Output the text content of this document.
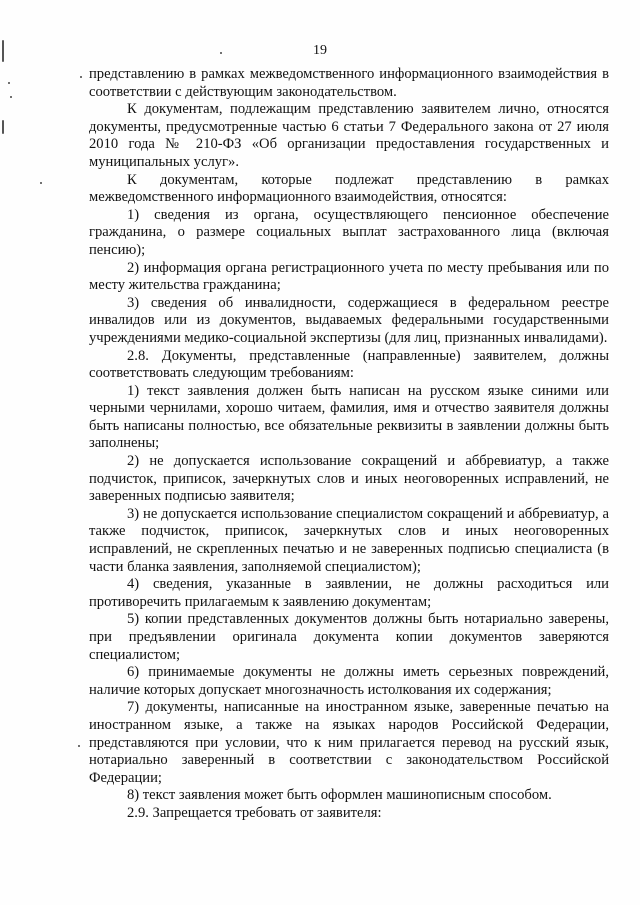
19

представлению в рамках межведомственного информационного взаимодействия в соответствии с действующим законодательством.

К документам, подлежащим представлению заявителем лично, относятся документы, предусмотренные частью 6 статьи 7 Федерального закона от 27 июля 2010 года № 210-ФЗ «Об организации предоставления государственных и муниципальных услуг».

К документам, которые подлежат представлению в рамках межведомственного информационного взаимодействия, относятся:

1) сведения из органа, осуществляющего пенсионное обеспечение гражданина, о размере социальных выплат застрахованного лица (включая пенсию);

2) информация органа регистрационного учета по месту пребывания или по месту жительства гражданина;

3) сведения об инвалидности, содержащиеся в федеральном реестре инвалидов или из документов, выдаваемых федеральными государственными учреждениями медико-социальной экспертизы (для лиц, признанных инвалидами).

2.8. Документы, представленные (направленные) заявителем, должны соответствовать следующим требованиям:

1) текст заявления должен быть написан на русском языке синими или черными чернилами, хорошо читаем, фамилия, имя и отчество заявителя должны быть написаны полностью, все обязательные реквизиты в заявлении должны быть заполнены;

2) не допускается использование сокращений и аббревиатур, а также подчисток, приписок, зачеркнутых слов и иных неоговоренных исправлений, не заверенных подписью заявителя;

3) не допускается использование специалистом сокращений и аббревиатур, а также подчисток, приписок, зачеркнутых слов и иных неоговоренных исправлений, не скрепленных печатью и не заверенных подписью специалиста (в части бланка заявления, заполняемой специалистом);

4) сведения, указанные в заявлении, не должны расходиться или противоречить прилагаемым к заявлению документам;

5) копии представленных документов должны быть нотариально заверены, при предъявлении оригинала документа копии документов заверяются специалистом;

6) принимаемые документы не должны иметь серьезных повреждений, наличие которых допускает многозначность истолкования их содержания;

7) документы, написанные на иностранном языке, заверенные печатью на иностранном языке, а также на языках народов Российской Федерации, представляются при условии, что к ним прилагается перевод на русский язык, нотариально заверенный в соответствии с законодательством Российской Федерации;

8) текст заявления может быть оформлен машинописным способом.

2.9. Запрещается требовать от заявителя:
